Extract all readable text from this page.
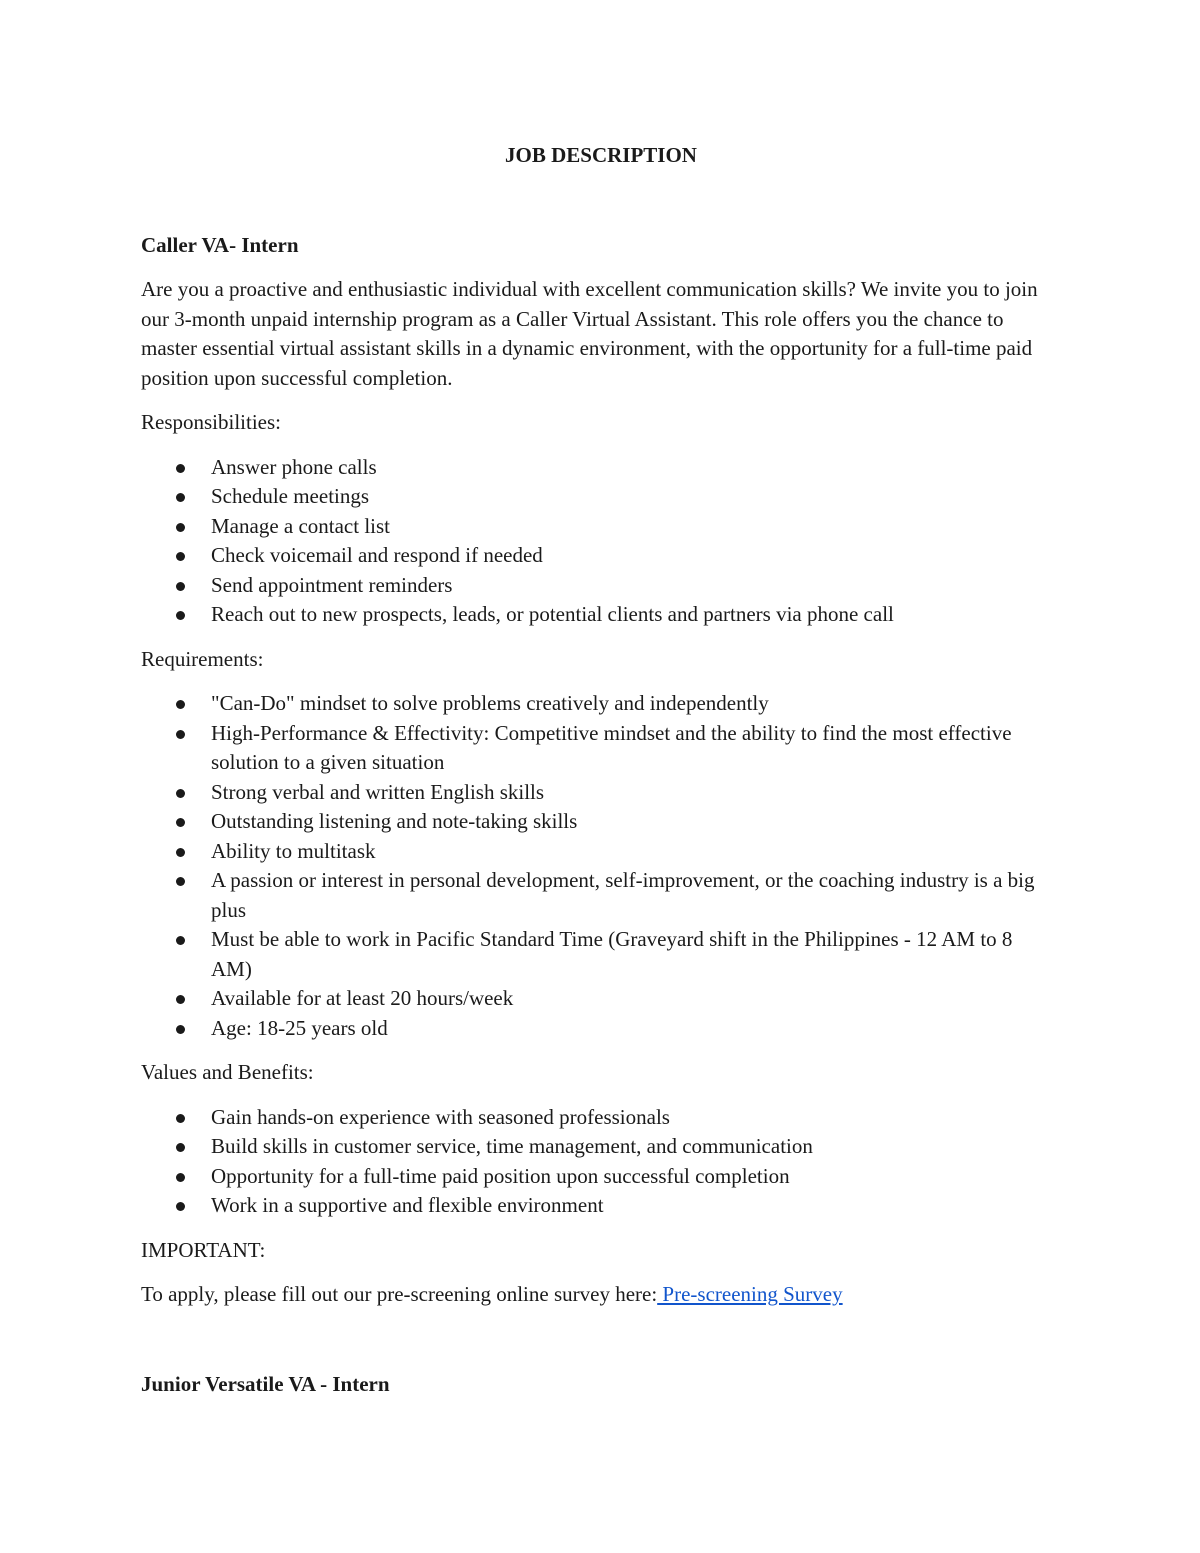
JOB DESCRIPTION

Caller VA- Intern

Are you a proactive and enthusiastic individual with excellent communication skills? We invite you to join our 3-month unpaid internship program as a Caller Virtual Assistant. This role offers you the chance to master essential virtual assistant skills in a dynamic environment, with the opportunity for a full-time paid position upon successful completion.

Responsibilities:

Answer phone calls
Schedule meetings
Manage a contact list
Check voicemail and respond if needed
Send appointment reminders
Reach out to new prospects, leads, or potential clients and partners via phone call

Requirements:

"Can-Do" mindset to solve problems creatively and independently
High-Performance & Effectivity: Competitive mindset and the ability to find the most effective solution to a given situation
Strong verbal and written English skills
Outstanding listening and note-taking skills
Ability to multitask
A passion or interest in personal development, self-improvement, or the coaching industry is a big plus
Must be able to work in Pacific Standard Time (Graveyard shift in the Philippines - 12 AM to 8 AM)
Available for at least 20 hours/week
Age: 18-25 years old

Values and Benefits:

Gain hands-on experience with seasoned professionals
Build skills in customer service, time management, and communication
Opportunity for a full-time paid position upon successful completion
Work in a supportive and flexible environment

IMPORTANT:

To apply, please fill out our pre-screening online survey here: Pre-screening Survey

Junior Versatile VA - Intern
